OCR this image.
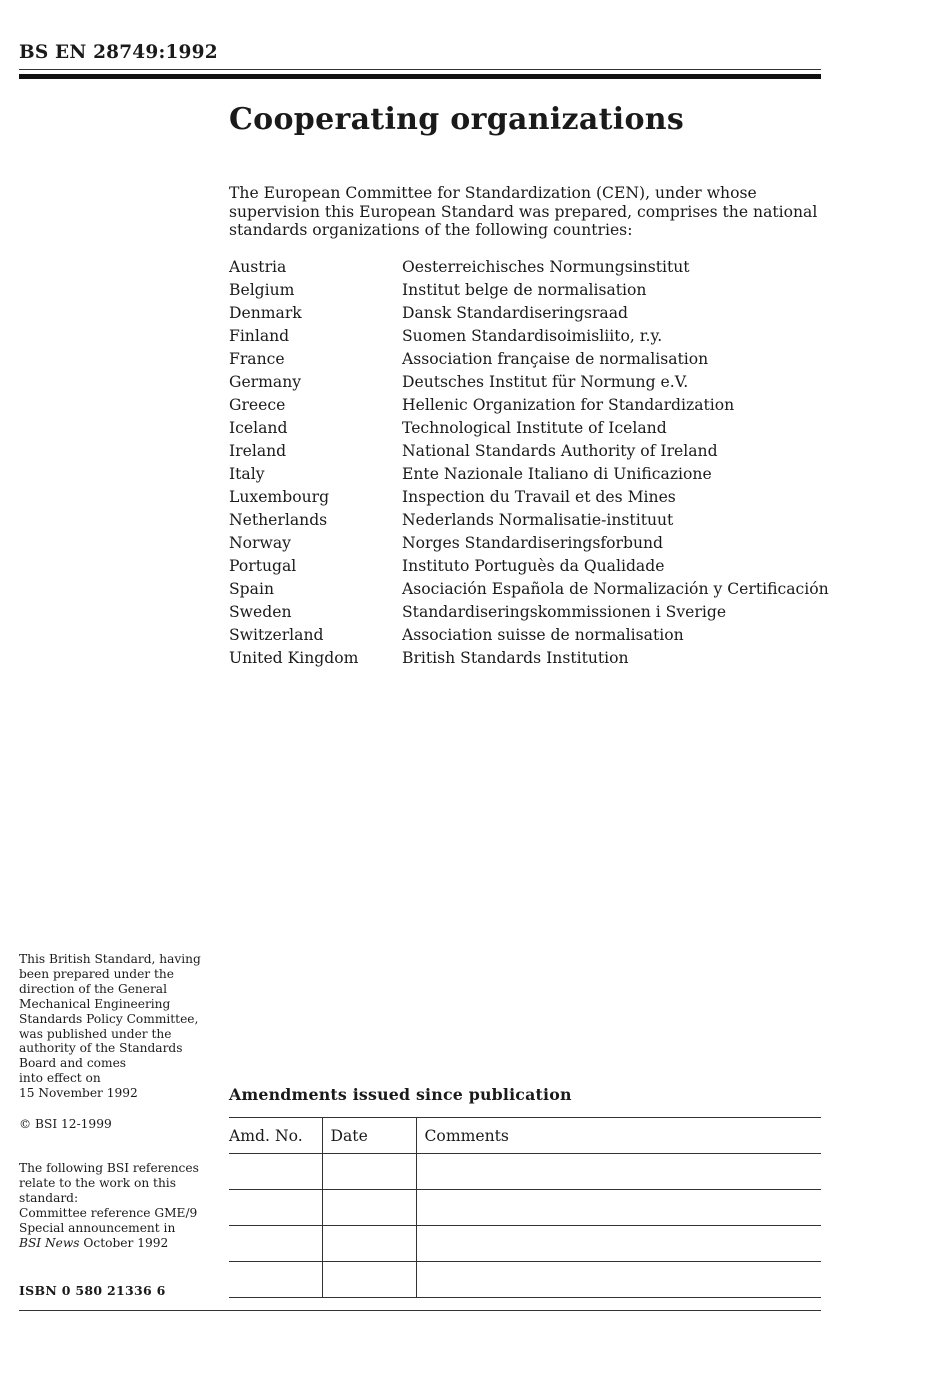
BS EN 28749:1992
Cooperating organizations

The European Committee for Standardization (CEN), under whose supervision this European Standard was prepared, comprises the national standards organizations of the following countries:

Austria	Oesterreichisches Normungsinstitut
Belgium	Institut belge de normalisation
Denmark	Dansk Standardiseringsraad
Finland	Suomen Standardisoimisliito, r.y.
France	Association française de normalisation
Germany	Deutsches Institut für Normung e.V.
Greece	Hellenic Organization for Standardization
Iceland	Technological Institute of Iceland
Ireland	National Standards Authority of Ireland
Italy	Ente Nazionale Italiano di Unificazione
Luxembourg	Inspection du Travail et des Mines
Netherlands	Nederlands Normalisatie-instituut
Norway	Norges Standardiseringsforbund
Portugal	Instituto Portuguès da Qualidade
Spain	Asociación Española de Normalización y Certificación
Sweden	Standardiseringskommissionen i Sverige
Switzerland	Association suisse de normalisation
United Kingdom	British Standards Institution

This British Standard, having
been prepared under the
direction of the General
Mechanical Engineering
Standards Policy Committee,
was published under the
authority of the Standards
Board and comes
into effect on
15 November 1992

© BSI 12-1999

The following BSI references
relate to the work on this
standard:
Committee reference GME/9
Special announcement in
BSI News October 1992

ISBN 0 580 21336 6
Amendments issued since publication
Amd. No.	Date	Comments
